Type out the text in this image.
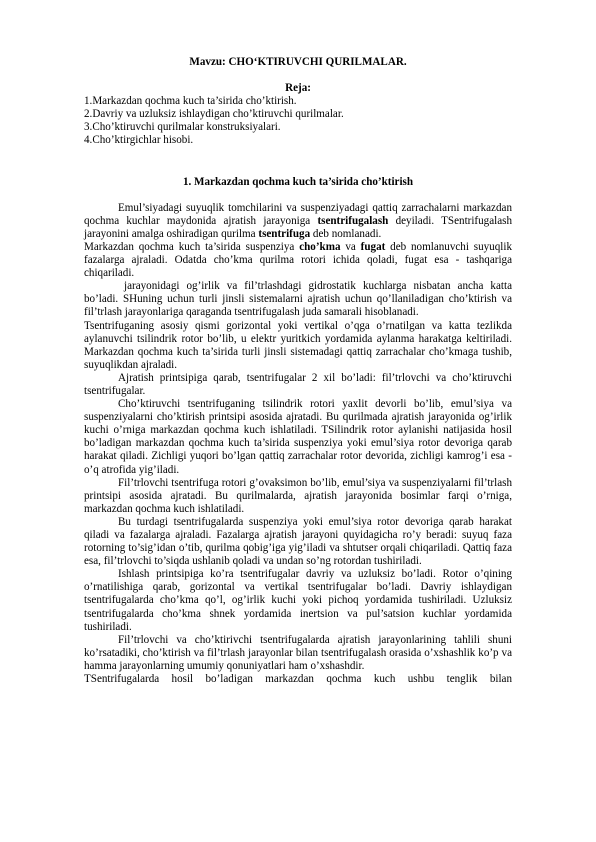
Mavzu: CHO‘KTIRUVCHI QURILMALAR.

Reja:

1.Markazdan qochma kuch ta’sirida cho’ktirish.
2.Davriy va uzluksiz ishlaydigan cho’ktiruvchi qurilmalar.
3.Cho’ktiruvchi qurilmalar konstruksiyalari.
4.Cho’ktirgichlar hisobi.

1. Markazdan qochma kuch ta’sirida cho’ktirish

Emul’siyadagi suyuqlik tomchilarini va suspenziyadagi qattiq zarrachalarni markazdan qochma kuchlar maydonida ajratish jarayoniga tsentrifugalash deyiladi. TSentrifugalash jarayonini amalga oshiradigan qurilma tsentrifuga deb nomlanadi.

Markazdan qochma kuch ta’sirida suspenziya cho’kma va fugat deb nomlanuvchi suyuqlik fazalarga ajraladi. Odatda cho’kma qurilma rotori ichida qoladi, fugat esa - tashqariga chiqariladi.

jarayonidagi og’irlik va fil’trlashdagi gidrostatik kuchlarga nisbatan ancha katta bo’ladi. SHuning uchun turli jinsli sistemalarni ajratish uchun qo’llaniladigan cho’ktirish va fil’trlash jarayonlariga qaraganda tsentrifugalash juda samarali hisoblanadi.

Tsentrifuganing asosiy qismi gorizontal yoki vertikal o’qga o’rnatilgan va katta tezlikda aylanuvchi tsilindrik rotor bo’lib, u elektr yuritkich yordamida aylanma harakatga keltiriladi. Markazdan qochma kuch ta’sirida turli jinsli sistemadagi qattiq zarrachalar cho’kmaga tushib, suyuqlikdan ajraladi.

Ajratish printsipiga qarab, tsentrifugalar 2 xil bo’ladi: fil’trlovchi va cho’ktiruvchi tsentrifugalar.

Cho’ktiruvchi tsentrifuganing tsilindrik rotori yaxlit devorli bo’lib, emul’siya va suspenziyalarni cho’ktirish printsipi asosida ajratadi. Bu qurilmada ajratish jarayonida og’irlik kuchi o’rniga markazdan qochma kuch ishlatiladi. TSilindrik rotor aylanishi natijasida hosil bo’ladigan markazdan qochma kuch ta’sirida suspenziya yoki emul’siya rotor devoriga qarab harakat qiladi. Zichligi yuqori bo’lgan qattiq zarrachalar rotor devorida, zichligi kamrog’i esa - o’q atrofida yig’iladi.

Fil’trlovchi tsentrifuga rotori g’ovaksimon bo’lib, emul’siya va suspenziyalarni fil’trlash printsipi asosida ajratadi. Bu qurilmalarda, ajratish jarayonida bosimlar farqi o’rniga, markazdan qochma kuch ishlatiladi.

Bu turdagi tsentrifugalarda suspenziya yoki emul’siya rotor devoriga qarab harakat qiladi va fazalarga ajraladi. Fazalarga ajratish jarayoni quyidagicha ro’y beradi: suyuq faza rotorning to’sig’idan o’tib, qurilma qobig’iga yig’iladi va shtutser orqali chiqariladi. Qattiq faza esa, fil’trlovchi to’siqda ushlanib qoladi va undan so’ng rotordan tushiriladi.

Ishlash printsipiga ko’ra tsentrifugalar davriy va uzluksiz bo’ladi. Rotor o’qining o’rnatilishiga qarab, gorizontal va vertikal tsentrifugalar bo’ladi. Davriy ishlaydigan tsentrifugalarda cho’kma qo’l, og’irlik kuchi yoki pichoq yordamida tushiriladi. Uzluksiz tsentrifugalarda cho’kma shnek yordamida inertsion va pul’satsion kuchlar yordamida tushiriladi.

Fil’trlovchi va cho’ktirivchi tsentrifugalarda ajratish jarayonlarining tahlili shuni ko’rsatadiki, cho’ktirish va fil’trlash jarayonlar bilan tsentrifugalash orasida o’xshashlik ko’p va hamma jarayonlarning umumiy qonuniyatlari ham o’xshashdir.

TSentrifugalarda hosil bo’ladigan markazdan qochma kuch ushbu tenglik bilan
